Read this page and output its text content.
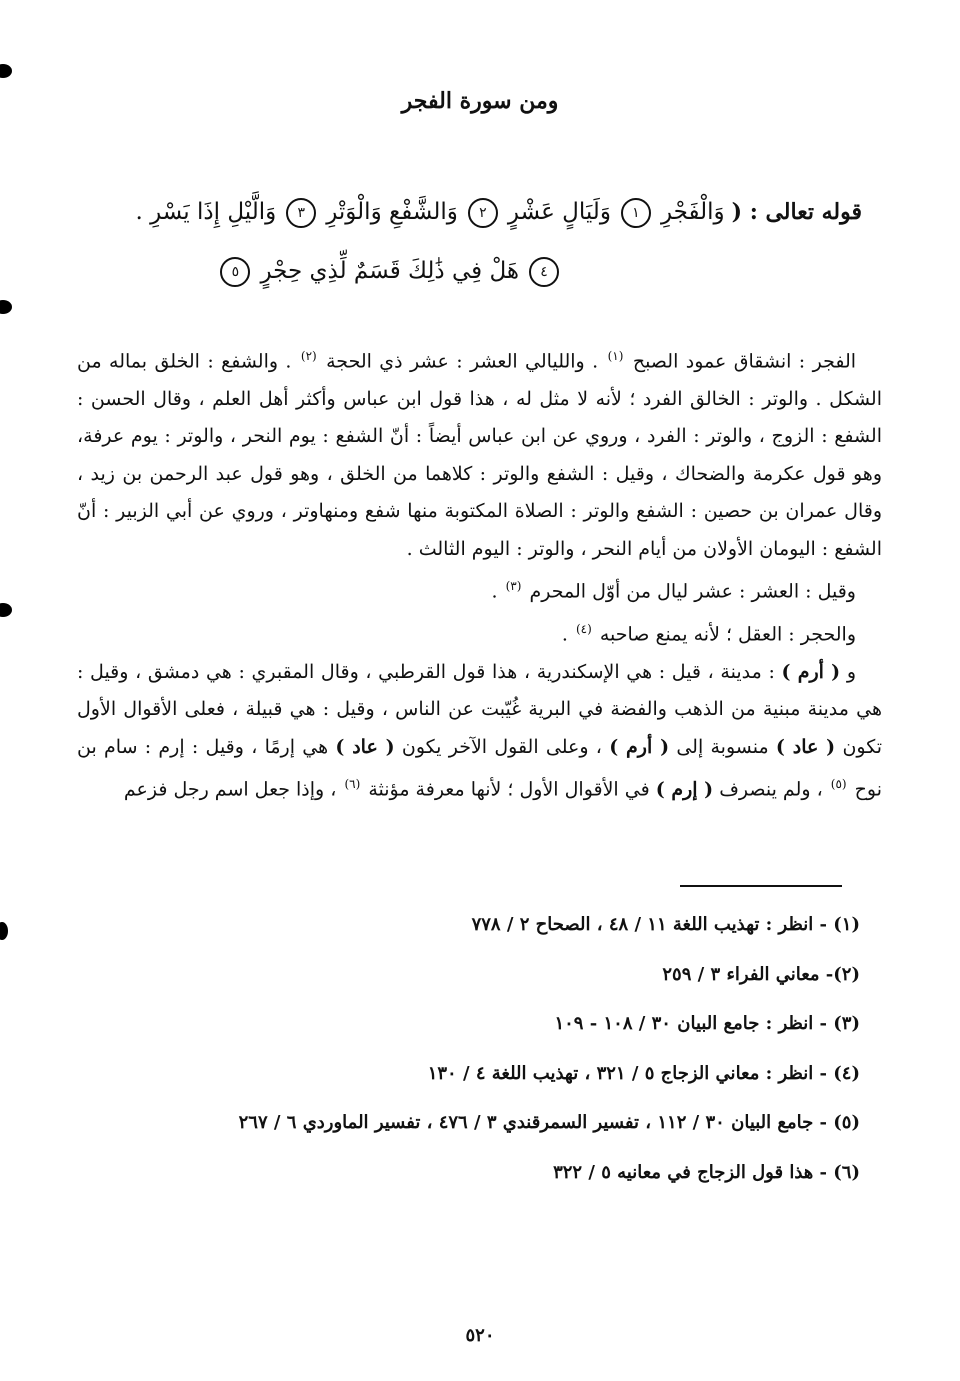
ومن سورة الفجر
قوله تعالى : ( وَالْفَجْرِ ١ وَلَيَالٍ عَشْرٍ ٢ وَالشَّفْعِ وَالْوَتْرِ ٣ وَالَّيْلِ إِذَا يَسْرِ .
٤ هَلْ فِي ذَٰلِكَ قَسَمٌ لِّذِي حِجْرٍ ٥

الفجر : انشقاق عمود الصبح $^{(١)}$ . والليالي العشر : عشر ذي الحجة $^{(٢)}$ . والشفع : الخلق بماله من الشكل . والوتر : الخالق الفرد ؛ لأنه لا مثل له ، هذا قول ابن عباس وأكثر أهل العلم ، وقال الحسن : الشفع : الزوج ، والوتر : الفرد ، وروي عن ابن عباس أيضاً : أنّ الشفع : يوم النحر ، والوتر : يوم عرفة، وهو قول عكرمة والضحاك ، وقيل : الشفع والوتر : كلاهما من الخلق ، وهو قول عبد الرحمن بن زيد ، وقال عمران بن حصين : الشفع والوتر : الصلاة المكتوبة منها شفع ومنهاوتر ، وروي عن أبي الزبير : أنّ الشفع : اليومان الأولان من أيام النحر ، والوتر : اليوم الثالث .

وقيل : العشر : عشر ليال من أوّل المحرم $^{(٣)}$ .

والحجر : العقل ؛ لأنه يمنع صاحبه $^{(٤)}$ .

و ( أرم ) : مدينة ، قيل : هي الإسكندرية ، هذا قول القرطبي ، وقال المقبري : هي دمشق ، وقيل : هي مدينة مبنية من الذهب والفضة في البرية غُيّبت عن الناس ، وقيل : هي قبيلة ، فعلى الأقوال الأول تكون ( عاد ) منسوبة إلى ( أرم ) ، وعلى القول الآخر يكون ( عاد ) هي إرمًا ، وقيل : إرم : سام بن نوح $^{(٥)}$ ، ولم ينصرف ( إرم ) في الأقوال الأول ؛ لأنها معرفة مؤنثة $^{(٦)}$ ، وإذا جعل اسم رجل فزعم

(١) - انظر : تهذيب اللغة ١١ / ٤٨ ، الصحاح ٢ / ٧٧٨
(٢)- معاني الفراء ٣ / ٢٥٩
(٣) - انظر : جامع البيان ٣٠ / ١٠٨ - ١٠٩
(٤) - انظر : معاني الزجاج ٥ / ٣٢١ ، تهذيب اللغة ٤ / ١٣٠
(٥) - جامع البيان ٣٠ / ١١٢ ، تفسير السمرقندي ٣ / ٤٧٦ ، تفسير الماوردي ٦ / ٢٦٧
(٦) - هذا قول الزجاج في معانيه ٥ / ٣٢٢
٥٢٠
